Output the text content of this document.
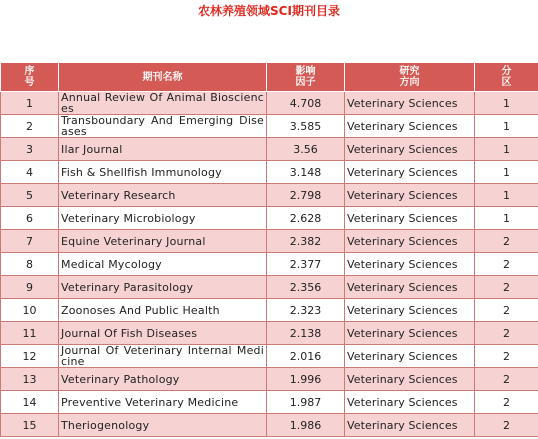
农林养殖领域SCI期刊目录
序号	期刊名称	影响因子	研究方向	分区

1	Annual Review Of Animal Biosciences	4.708	Veterinary Sciences	1
2	Transboundary And Emerging Diseases	3.585	Veterinary Sciences	1
3	Ilar Journal	3.56	Veterinary Sciences	1
4	Fish & Shellfish Immunology	3.148	Veterinary Sciences	1
5	Veterinary Research	2.798	Veterinary Sciences	1
6	Veterinary Microbiology	2.628	Veterinary Sciences	1
7	Equine Veterinary Journal	2.382	Veterinary Sciences	2
8	Medical Mycology	2.377	Veterinary Sciences	2
9	Veterinary Parasitology	2.356	Veterinary Sciences	2
10	Zoonoses And Public Health	2.323	Veterinary Sciences	2
11	Journal Of Fish Diseases	2.138	Veterinary Sciences	2
12	Journal Of Veterinary Internal Medicine	2.016	Veterinary Sciences	2
13	Veterinary Pathology	1.996	Veterinary Sciences	2
14	Preventive Veterinary Medicine	1.987	Veterinary Sciences	2
15	Theriogenology	1.986	Veterinary Sciences	2
